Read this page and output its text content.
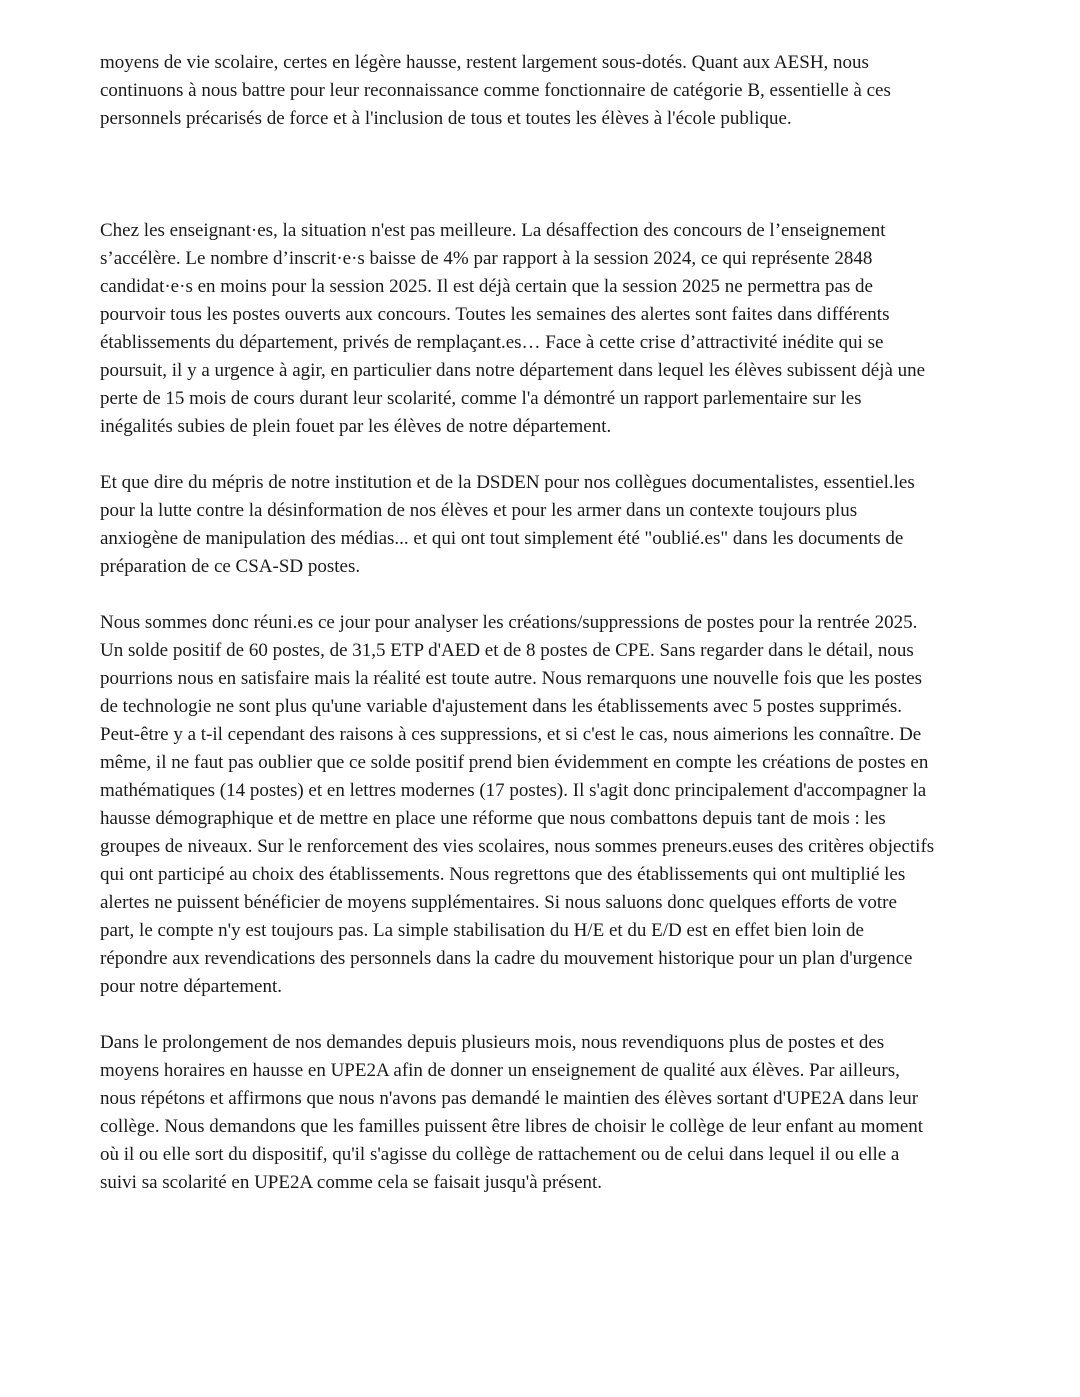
moyens de vie scolaire, certes en légère hausse, restent largement sous-dotés. Quant aux AESH, nous
continuons à nous battre pour leur reconnaissance comme fonctionnaire de catégorie B, essentielle à ces
personnels précarisés de force et à l'inclusion de tous et toutes les élèves à l'école publique.

Chez les enseignant·es, la situation n'est pas meilleure. La désaffection des concours de l’enseignement
s’accélère. Le nombre d’inscrit·e·s baisse de 4% par rapport à la session 2024, ce qui représente 2848
candidat·e·s en moins pour la session 2025. Il est déjà certain que la session 2025 ne permettra pas de
pourvoir tous les postes ouverts aux concours. Toutes les semaines des alertes sont faites dans différents
établissements du département, privés de remplaçant.es… Face à cette crise d’attractivité inédite qui se
poursuit, il y a urgence à agir, en particulier dans notre département dans lequel les élèves subissent déjà une
perte de 15 mois de cours durant leur scolarité, comme l'a démontré un rapport parlementaire sur les
inégalités subies de plein fouet par les élèves de notre département.

Et que dire du mépris de notre institution et de la DSDEN pour nos collègues documentalistes, essentiel.les
pour la lutte contre la désinformation de nos élèves et pour les armer dans un contexte toujours plus
anxiogène de manipulation des médias... et qui ont tout simplement été "oublié.es" dans les documents de
préparation de ce CSA-SD postes.

Nous sommes donc réuni.es ce jour pour analyser les créations/suppressions de postes pour la rentrée 2025.
Un solde positif de 60 postes, de 31,5 ETP d'AED et de 8 postes de CPE. Sans regarder dans le détail, nous
pourrions nous en satisfaire mais la réalité est toute autre. Nous remarquons une nouvelle fois que les postes
de technologie ne sont plus qu'une variable d'ajustement dans les établissements avec 5 postes supprimés.
Peut-être y a t-il cependant des raisons à ces suppressions, et si c'est le cas, nous aimerions les connaître. De
même, il ne faut pas oublier que ce solde positif prend bien évidemment en compte les créations de postes en
mathématiques (14 postes) et en lettres modernes (17 postes). Il s'agit donc principalement d'accompagner la
hausse démographique et de mettre en place une réforme que nous combattons depuis tant de mois : les
groupes de niveaux. Sur le renforcement des vies scolaires, nous sommes preneurs.euses des critères objectifs
qui ont participé au choix des établissements. Nous regrettons que des établissements qui ont multiplié les
alertes ne puissent bénéficier de moyens supplémentaires. Si nous saluons donc quelques efforts de votre
part, le compte n'y est toujours pas. La simple stabilisation du H/E et du E/D est en effet bien loin de
répondre aux revendications des personnels dans la cadre du mouvement historique pour un plan d'urgence
pour notre département.

Dans le prolongement de nos demandes depuis plusieurs mois, nous revendiquons plus de postes et des
moyens horaires en hausse en UPE2A afin de donner un enseignement de qualité aux élèves. Par ailleurs,
nous répétons et affirmons que nous n'avons pas demandé le maintien des élèves sortant d'UPE2A dans leur
collège. Nous demandons que les familles puissent être libres de choisir le collège de leur enfant au moment
où il ou elle sort du dispositif, qu'il s'agisse du collège de rattachement ou de celui dans lequel il ou elle a
suivi sa scolarité en UPE2A comme cela se faisait jusqu'à présent.
